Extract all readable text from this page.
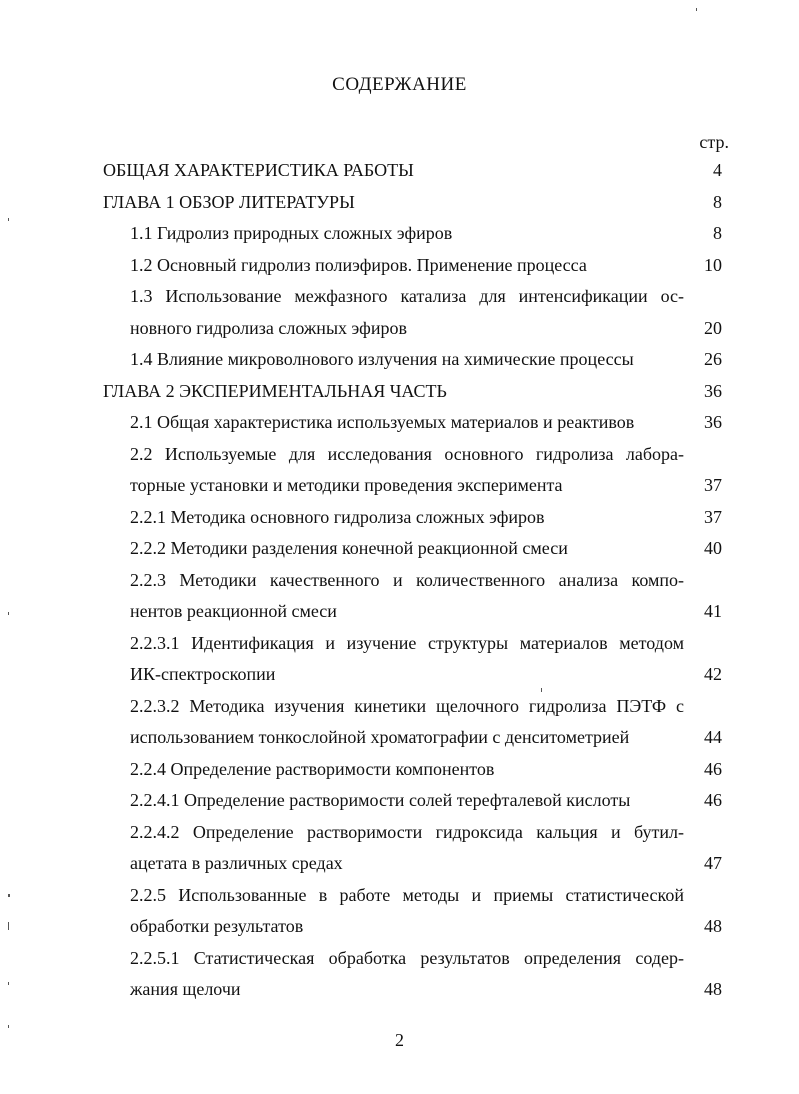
СОДЕРЖАНИЕ
стр.
ОБЩАЯ ХАРАКТЕРИСТИКА РАБОТЫ	4
ГЛАВА 1 ОБЗОР ЛИТЕРАТУРЫ	8
1.1 Гидролиз природных сложных эфиров	8
1.2 Основный гидролиз полиэфиров. Применение процесса	10
1.3 Использование межфазного катализа для интенсификации ос-
новного гидролиза сложных эфиров	20
1.4 Влияние микроволнового излучения на химические процессы	26
ГЛАВА 2 ЭКСПЕРИМЕНТАЛЬНАЯ ЧАСТЬ	36
2.1 Общая характеристика используемых материалов и реактивов	36
2.2 Используемые для исследования основного гидролиза лабора-
торные установки и методики проведения эксперимента	37
2.2.1 Методика основного гидролиза сложных эфиров	37
2.2.2 Методики разделения конечной реакционной смеси	40
2.2.3 Методики качественного и количественного анализа компо-
нентов реакционной смеси	41
2.2.3.1 Идентификация и изучение структуры материалов методом
ИК-спектроскопии	42
2.2.3.2 Методика изучения кинетики щелочного гидролиза ПЭТФ с
использованием тонкослойной хроматографии с денситометрией	44
2.2.4 Определение растворимости компонентов	46
2.2.4.1 Определение растворимости солей терефталевой кислоты	46
2.2.4.2 Определение растворимости гидроксида кальция и бутил-
ацетата в различных средах	47
2.2.5 Использованные в работе методы и приемы статистической
обработки результатов	48
2.2.5.1 Статистическая обработка результатов определения содер-
жания щелочи	48
2
